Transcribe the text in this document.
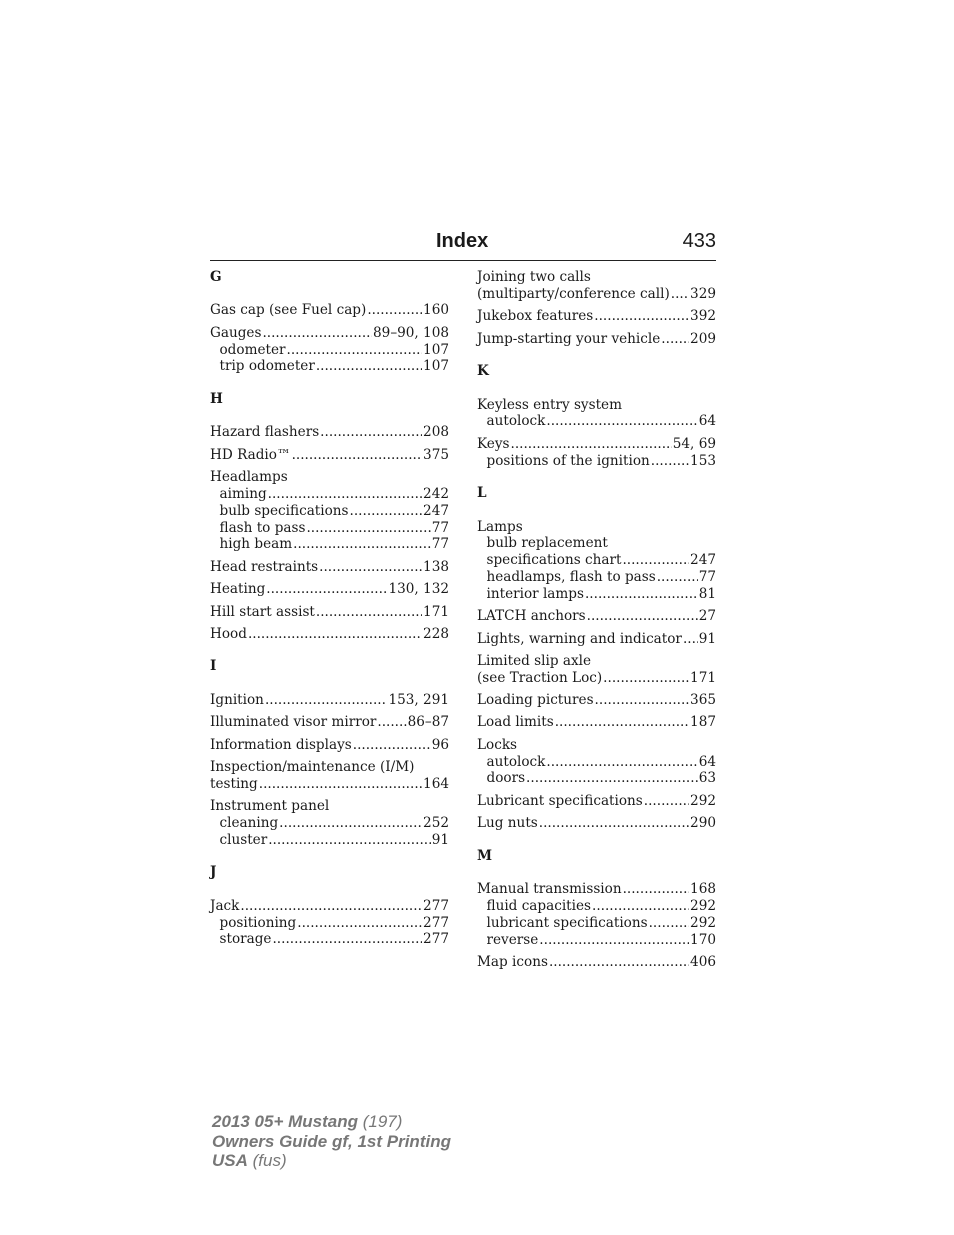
Index	433
G
Gas cap (see Fuel cap) .....	160
Gauges .....	89–90, 108
odometer .....	107
trip odometer .....	107
H
Hazard flashers .....	208
HD Radio™ .....	375
Headlamps
aiming .....	242
bulb specifications .....	247
flash to pass .....	77
high beam .....	77
Head restraints .....	138
Heating .....	130, 132
Hill start assist .....	171
Hood .....	228
I
Ignition .....	153, 291
Illuminated visor mirror ..... 86–87
Information displays .....	96
Inspection/maintenance (I/M)
testing .....	164
Instrument panel
cleaning .....	252
cluster .....	91
J
Jack .....	277
positioning .....	277
storage .....	277
Joining two calls
(multiparty/conference call) ..... 329
Jukebox features .....	392
Jump-starting your vehicle ..... 209
K
Keyless entry system
autolock .....	64
Keys .....	54, 69
positions of the ignition .....	153
L
Lamps
bulb replacement
specifications chart .....	247
headlamps, flash to pass .....	77
interior lamps .....	81
LATCH anchors .....	27
Lights, warning and indicator ..... 91
Limited slip axle
(see Traction Loc) .....	171
Loading pictures .....	365
Load limits .....	187
Locks
autolock .....	64
doors .....	63
Lubricant specifications .....	292
Lug nuts .....	290
M
Manual transmission .....	168
fluid capacities .....	292
lubricant specifications .....	292
reverse .....	170
Map icons .....	406
2013 05+ Mustang (197)
Owners Guide gf, 1st Printing
USA (fus)
